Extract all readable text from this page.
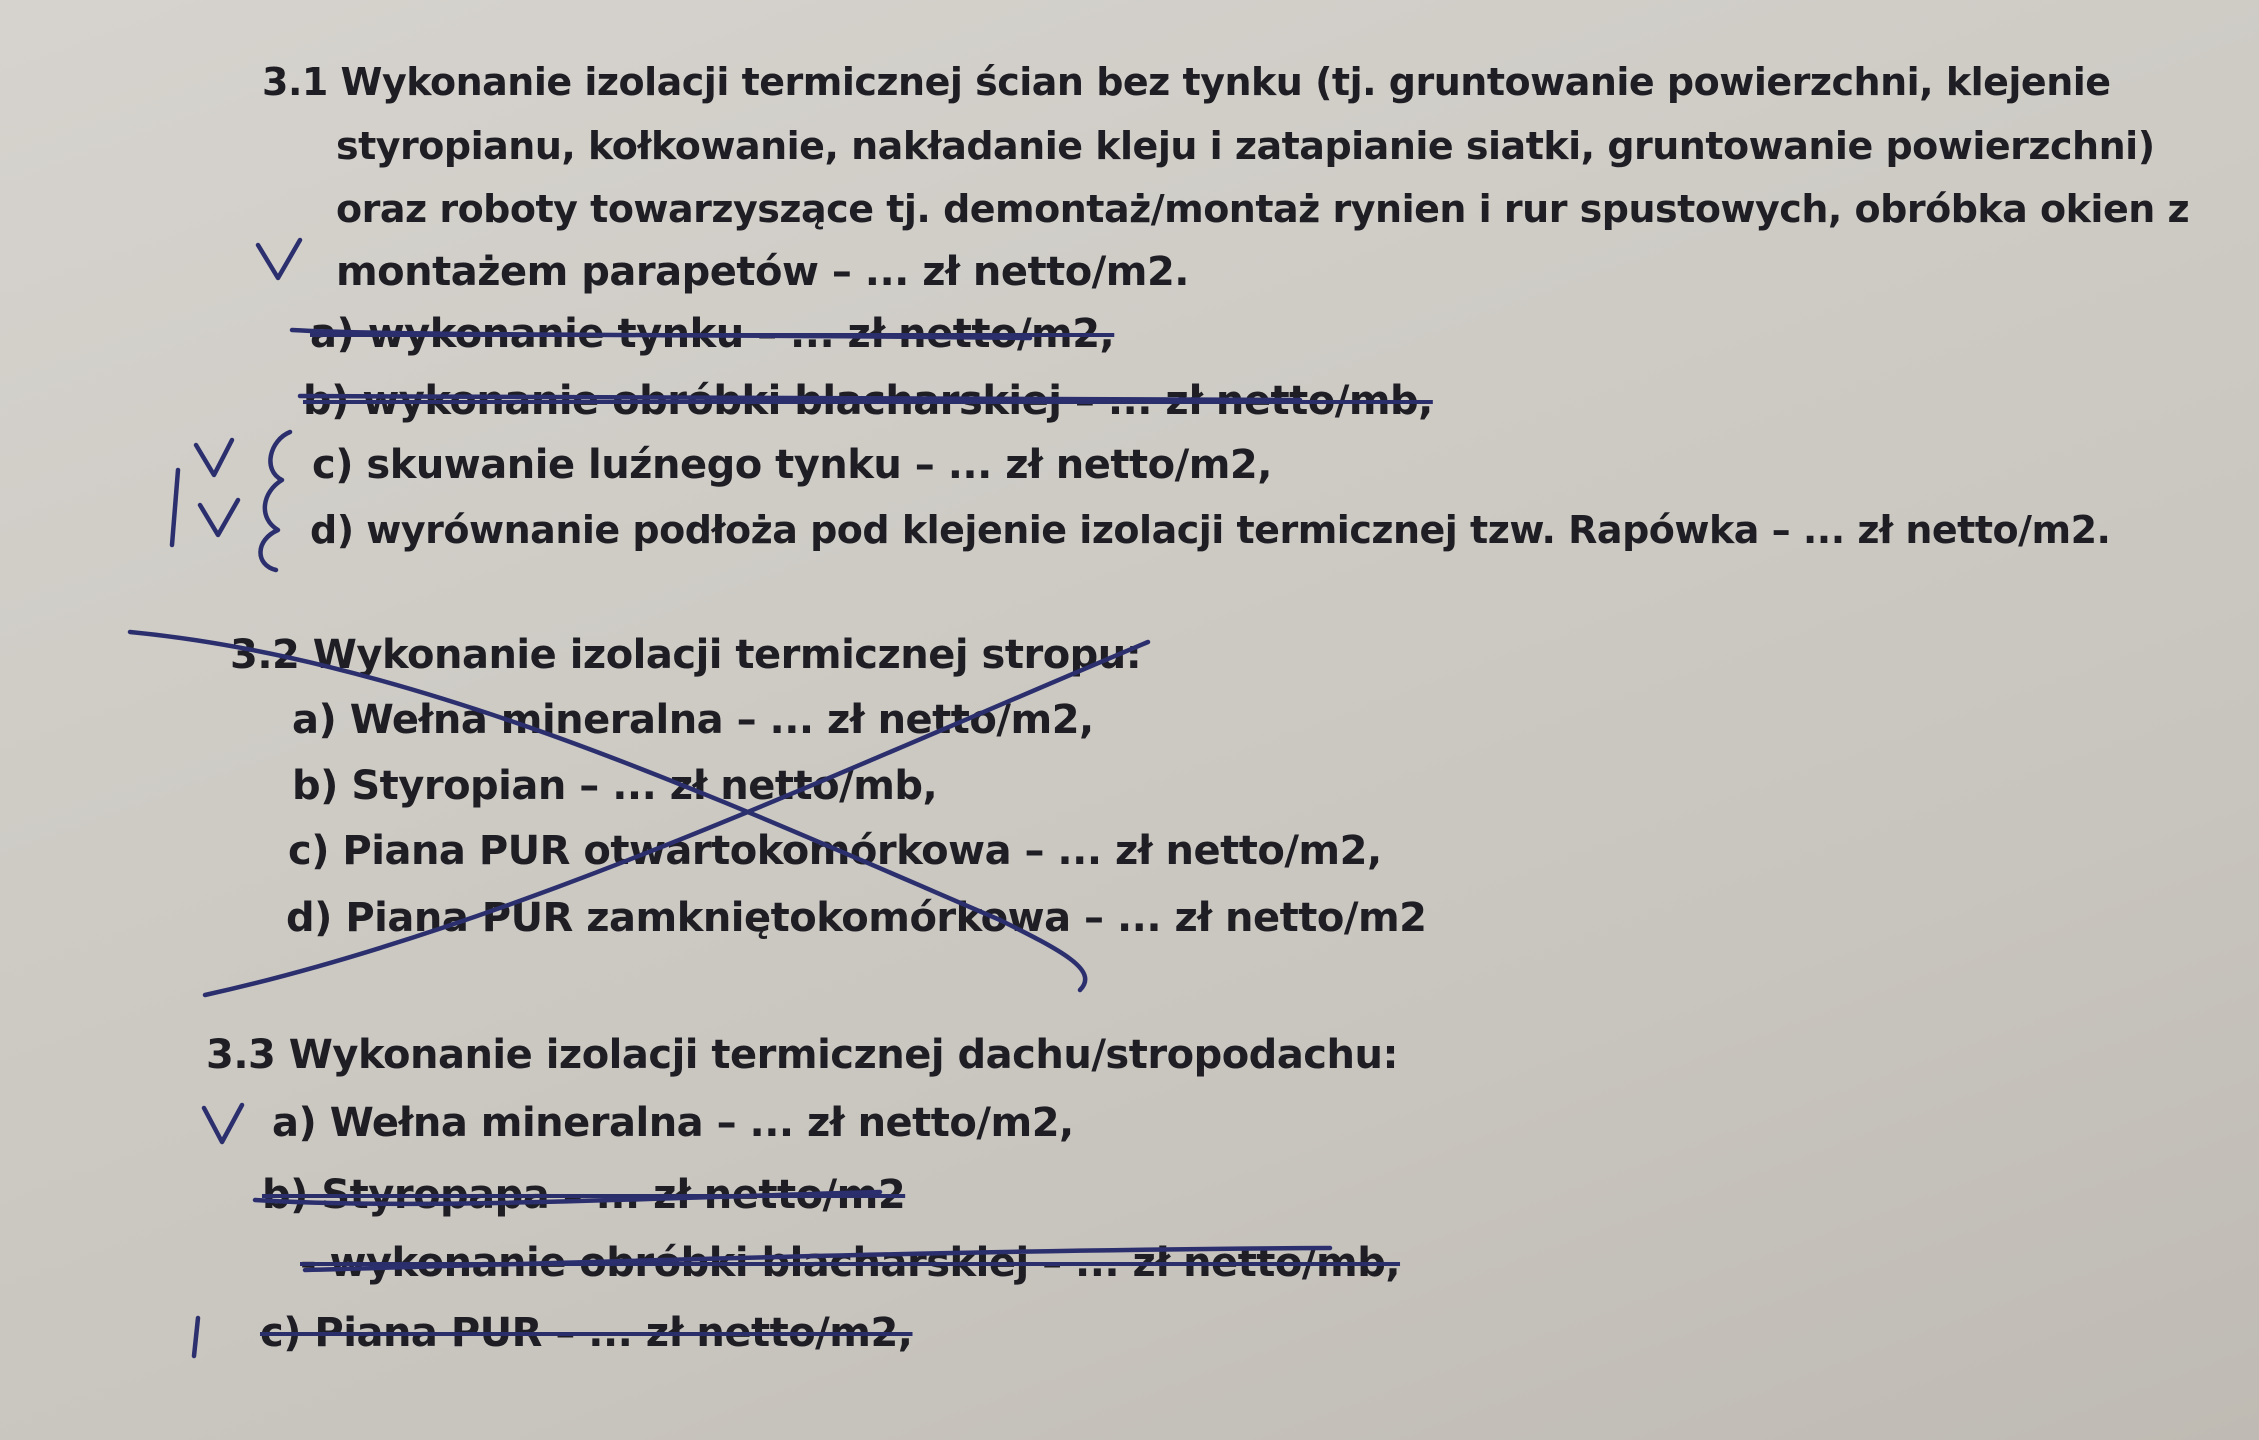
3.1 Wykonanie izolacji termicznej ścian bez tynku (tj. gruntowanie powierzchni, klejenie

styropianu, kołkowanie, nakładanie kleju i zatapianie siatki, gruntowanie powierzchni)

oraz roboty towarzyszące tj. demontaż/montaż rynien i rur spustowych, obróbka okien z

montażem parapetów – ... zł netto/m2.

a) wykonanie tynku – ... zł netto/m2,

b) wykonanie obróbki blacharskiej – ... zł netto/mb,

c) skuwanie luźnego tynku – ... zł netto/m2,

d) wyrównanie podłoża pod klejenie izolacji termicznej tzw. Rapówka – ... zł netto/m2.

3.2 Wykonanie izolacji termicznej stropu:

a) Wełna mineralna – ... zł netto/m2,

b) Styropian – ... zł netto/mb,

c) Piana PUR otwartokomórkowa – ... zł netto/m2,

d) Piana PUR zamkniętokomórkowa – ... zł netto/m2

3.3 Wykonanie izolacji termicznej dachu/stropodachu:

a) Wełna mineralna – ... zł netto/m2,

b) Styropapa – ... zł netto/m2

- wykonanie obróbki blacharskiej – ... zł netto/mb,

c) Piana PUR – ... zł netto/m2,
